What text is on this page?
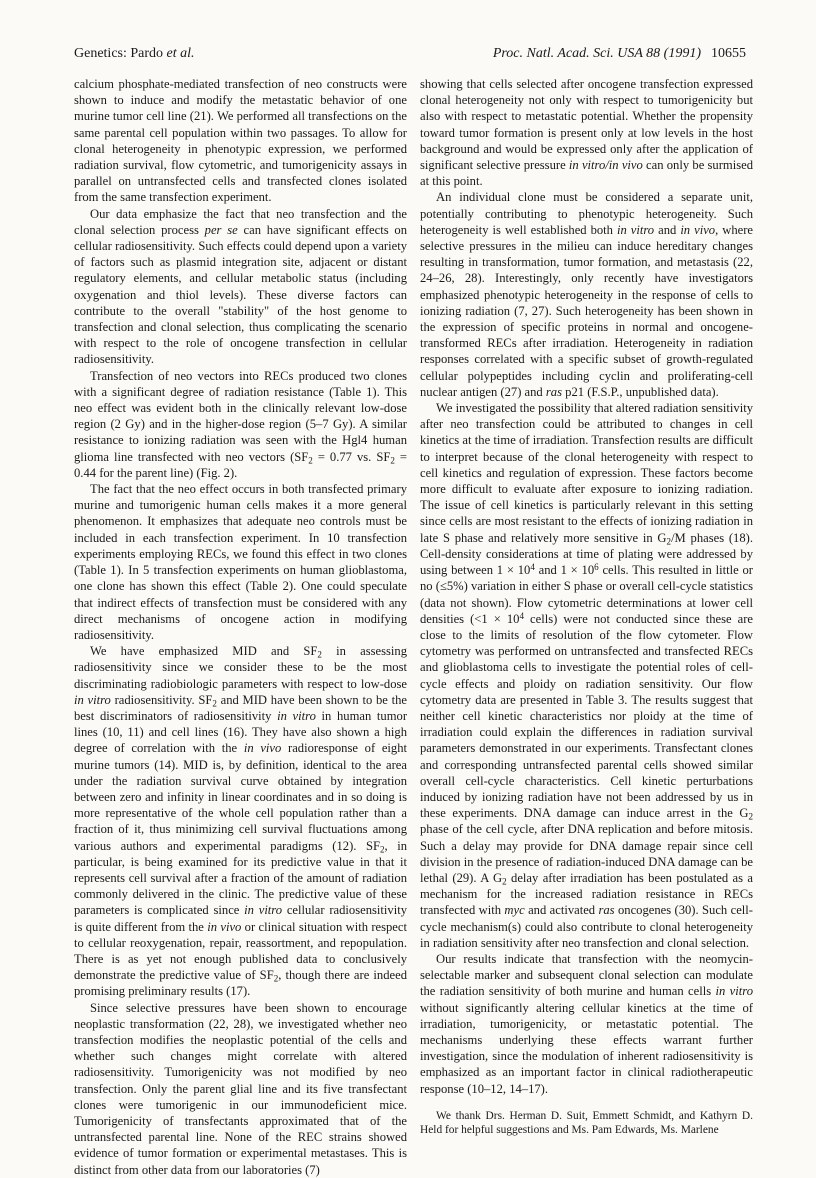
Genetics: Pardo et al.	Proc. Natl. Acad. Sci. USA 88 (1991) 10655

calcium phosphate-mediated transfection of neo constructs were shown to induce and modify the metastatic behavior of one murine tumor cell line (21). We performed all transfections on the same parental cell population within two passages. To allow for clonal heterogeneity in phenotypic expression, we performed radiation survival, flow cytometric, and tumorigenicity assays in parallel on untransfected cells and transfected clones isolated from the same transfection experiment.

Our data emphasize the fact that neo transfection and the clonal selection process per se can have significant effects on cellular radiosensitivity. Such effects could depend upon a variety of factors such as plasmid integration site, adjacent or distant regulatory elements, and cellular metabolic status (including oxygenation and thiol levels). These diverse factors can contribute to the overall "stability" of the host genome to transfection and clonal selection, thus complicating the scenario with respect to the role of oncogene transfection in cellular radiosensitivity.

Transfection of neo vectors into RECs produced two clones with a significant degree of radiation resistance (Table 1). This neo effect was evident both in the clinically relevant low-dose region (2 Gy) and in the higher-dose region (5–7 Gy). A similar resistance to ionizing radiation was seen with the Hgl4 human glioma line transfected with neo vectors ($SF_2 = 0.77$ vs. $SF_2 = 0.44$ for the parent line) (Fig. 2).

The fact that the neo effect occurs in both transfected primary murine and tumorigenic human cells makes it a more general phenomenon. It emphasizes that adequate neo controls must be included in each transfection experiment. In 10 transfection experiments employing RECs, we found this effect in two clones (Table 1). In 5 transfection experiments on human glioblastoma, one clone has shown this effect (Table 2). One could speculate that indirect effects of transfection must be considered with any direct mechanisms of oncogene action in modifying radiosensitivity.

We have emphasized MID and $SF_2$ in assessing radiosensitivity since we consider these to be the most discriminating radiobiologic parameters with respect to low-dose in vitro radiosensitivity. $SF_2$ and MID have been shown to be the best discriminators of radiosensitivity in vitro in human tumor lines (10, 11) and cell lines (16). They have also shown a high degree of correlation with the in vivo radioresponse of eight murine tumors (14). MID is, by definition, identical to the area under the radiation survival curve obtained by integration between zero and infinity in linear coordinates and in so doing is more representative of the whole cell population rather than a fraction of it, thus minimizing cell survival fluctuations among various authors and experimental paradigms (12). $SF_2$, in particular, is being examined for its predictive value in that it represents cell survival after a fraction of the amount of radiation commonly delivered in the clinic. The predictive value of these parameters is complicated since in vitro cellular radiosensitivity is quite different from the in vivo or clinical situation with respect to cellular reoxygenation, repair, reassortment, and repopulation. There is as yet not enough published data to conclusively demonstrate the predictive value of $SF_2$, though there are indeed promising preliminary results (17).

Since selective pressures have been shown to encourage neoplastic transformation (22, 28), we investigated whether neo transfection modifies the neoplastic potential of the cells and whether such changes might correlate with altered radiosensitivity. Tumorigenicity was not modified by neo transfection. Only the parent glial line and its five transfectant clones were tumorigenic in our immunodeficient mice. Tumorigenicity of transfectants approximated that of the untransfected parental line. None of the REC strains showed evidence of tumor formation or experimental metastases. This is distinct from other data from our laboratories (7)

showing that cells selected after oncogene transfection expressed clonal heterogeneity not only with respect to tumorigenicity but also with respect to metastatic potential. Whether the propensity toward tumor formation is present only at low levels in the host background and would be expressed only after the application of significant selective pressure in vitro/in vivo can only be surmised at this point.

An individual clone must be considered a separate unit, potentially contributing to phenotypic heterogeneity. Such heterogeneity is well established both in vitro and in vivo, where selective pressures in the milieu can induce hereditary changes resulting in transformation, tumor formation, and metastasis (22, 24–26, 28). Interestingly, only recently have investigators emphasized phenotypic heterogeneity in the response of cells to ionizing radiation (7, 27). Such heterogeneity has been shown in the expression of specific proteins in normal and oncogene-transformed RECs after irradiation. Heterogeneity in radiation responses correlated with a specific subset of growth-regulated cellular polypeptides including cyclin and proliferating-cell nuclear antigen (27) and ras p21 (F.S.P., unpublished data).

We investigated the possibility that altered radiation sensitivity after neo transfection could be attributed to changes in cell kinetics at the time of irradiation. Transfection results are difficult to interpret because of the clonal heterogeneity with respect to cell kinetics and regulation of expression. These factors become more difficult to evaluate after exposure to ionizing radiation. The issue of cell kinetics is particularly relevant in this setting since cells are most resistant to the effects of ionizing radiation in late S phase and relatively more sensitive in $G_2/M$ phases (18). Cell-density considerations at time of plating were addressed by using between $1 \times 10^4$ and $1 \times 10^6$ cells. This resulted in little or no (≤5%) variation in either S phase or overall cell-cycle statistics (data not shown). Flow cytometric determinations at lower cell densities ($<1 \times 10^4$ cells) were not conducted since these are close to the limits of resolution of the flow cytometer. Flow cytometry was performed on untransfected and transfected RECs and glioblastoma cells to investigate the potential roles of cell-cycle effects and ploidy on radiation sensitivity. Our flow cytometry data are presented in Table 3. The results suggest that neither cell kinetic characteristics nor ploidy at the time of irradiation could explain the differences in radiation survival parameters demonstrated in our experiments. Transfectant clones and corresponding untransfected parental cells showed similar overall cell-cycle characteristics. Cell kinetic perturbations induced by ionizing radiation have not been addressed by us in these experiments. DNA damage can induce arrest in the $G_2$ phase of the cell cycle, after DNA replication and before mitosis. Such a delay may provide for DNA damage repair since cell division in the presence of radiation-induced DNA damage can be lethal (29). A $G_2$ delay after irradiation has been postulated as a mechanism for the increased radiation resistance in RECs transfected with myc and activated ras oncogenes (30). Such cell-cycle mechanism(s) could also contribute to clonal heterogeneity in radiation sensitivity after neo transfection and clonal selection.

Our results indicate that transfection with the neomycin-selectable marker and subsequent clonal selection can modulate the radiation sensitivity of both murine and human cells in vitro without significantly altering cellular kinetics at the time of irradiation, tumorigenicity, or metastatic potential. The mechanisms underlying these effects warrant further investigation, since the modulation of inherent radiosensitivity is emphasized as an important factor in clinical radiotherapeutic response (10–12, 14–17).

We thank Drs. Herman D. Suit, Emmett Schmidt, and Kathyrn D. Held for helpful suggestions and Ms. Pam Edwards, Ms. Marlene
